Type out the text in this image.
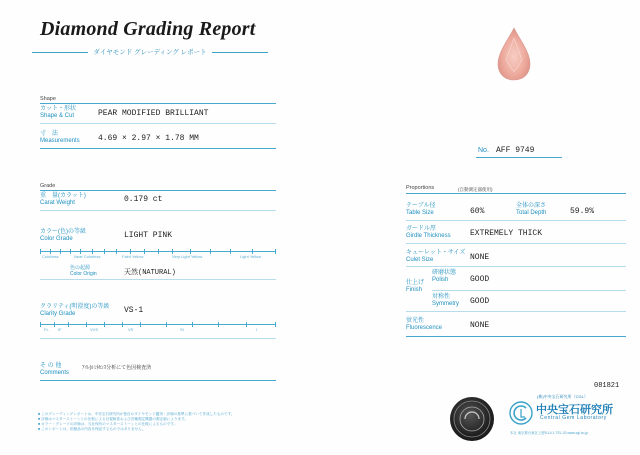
Diamond Grading Report
ダイヤモンド グレーディング レポート
Shape
カット・形状
Shape & Cut	PEAR MODIFIED BRILLIANT
寸　法
Measurements 4.69 × 2.97 × 1.78 MM
No. AFF 9749
Grade
重　量(カラット)
Carat Weight	0.179 ct
カラー(色)の等級
Color Grade	LIGHT PINK
Colorless	Near Colorless	Faint Yellow	Very Light Yellow	Light Yellow
色の起源
Color Origin	天然(NATURAL)
クラリティ(明澄度)の等級
Clarity Grade	VS-1
FL IF	VVS	VS	SI	I
そ の 他
Comments
ｱｲﾚ(ﾙﾐﾈｾﾝｽ分析にて色因検査済
Proportions	(自動測定器使用)
テーブル径
Table Size	60%
全体の深さ
Total Depth	59.9%
ガードル厚
Girdle Thickness EXTREMELY THICK
キューレット・サイズ
Culet Size	NONE
仕上げ
Finish
研磨状態
Polish	GOOD
対称性
Symmetry GOOD
蛍光性
Fluorescence	NONE
081821
■ このグレーディングレポートは、中央宝石研究所が独自のダイヤモンド鑑別・評価の基準に基づいて作成したものです。
■ 評価はマスターストーンとの比較による目視検査および各種測定機器の測定値によります。
■ カラー・グレードの評価は、当社保有のマスターストーンとの比較によるものです。
■ このレポートは、依頼品の内容を保証するものではありません。
(株)中央宝石研究所（CGL）
中央宝石研究所
Central Gem Laboratory
本社 東京都台東区上野5-14-1 TEL.03 www.cgl.co.jp
